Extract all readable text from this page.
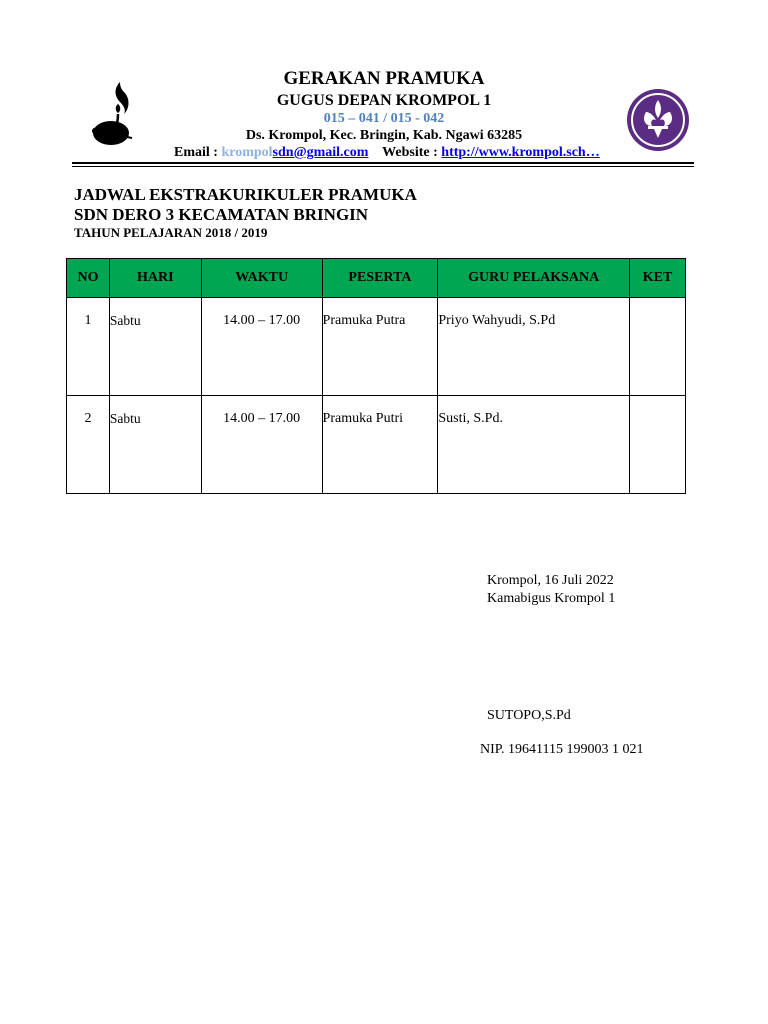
GERAKAN PRAMUKA
GUGUS DEPAN KROMPOL 1
015 – 041 / 015 - 042
Ds. Krompol, Kec. Bringin, Kab. Ngawi 63285
Email : krompolsdn@gmail.com Website : http://www.krompol.sch…
JADWAL EKSTRAKURIKULER PRAMUKA
SDN DERO 3 KECAMATAN BRINGIN
TAHUN PELAJARAN 2018 / 2019
NO	HARI	WAKTU	PESERTA	GURU PELAKSANA	KET
1	Sabtu	14.00 – 17.00	Pramuka Putra	Priyo Wahyudi, S.Pd	
2	Sabtu	14.00 – 17.00	Pramuka Putri	Susti, S.Pd.	
Krompol, 16 Juli 2022
Kamabigus Krompol 1
SUTOPO,S.Pd
NIP. 19641115 199003 1 021
